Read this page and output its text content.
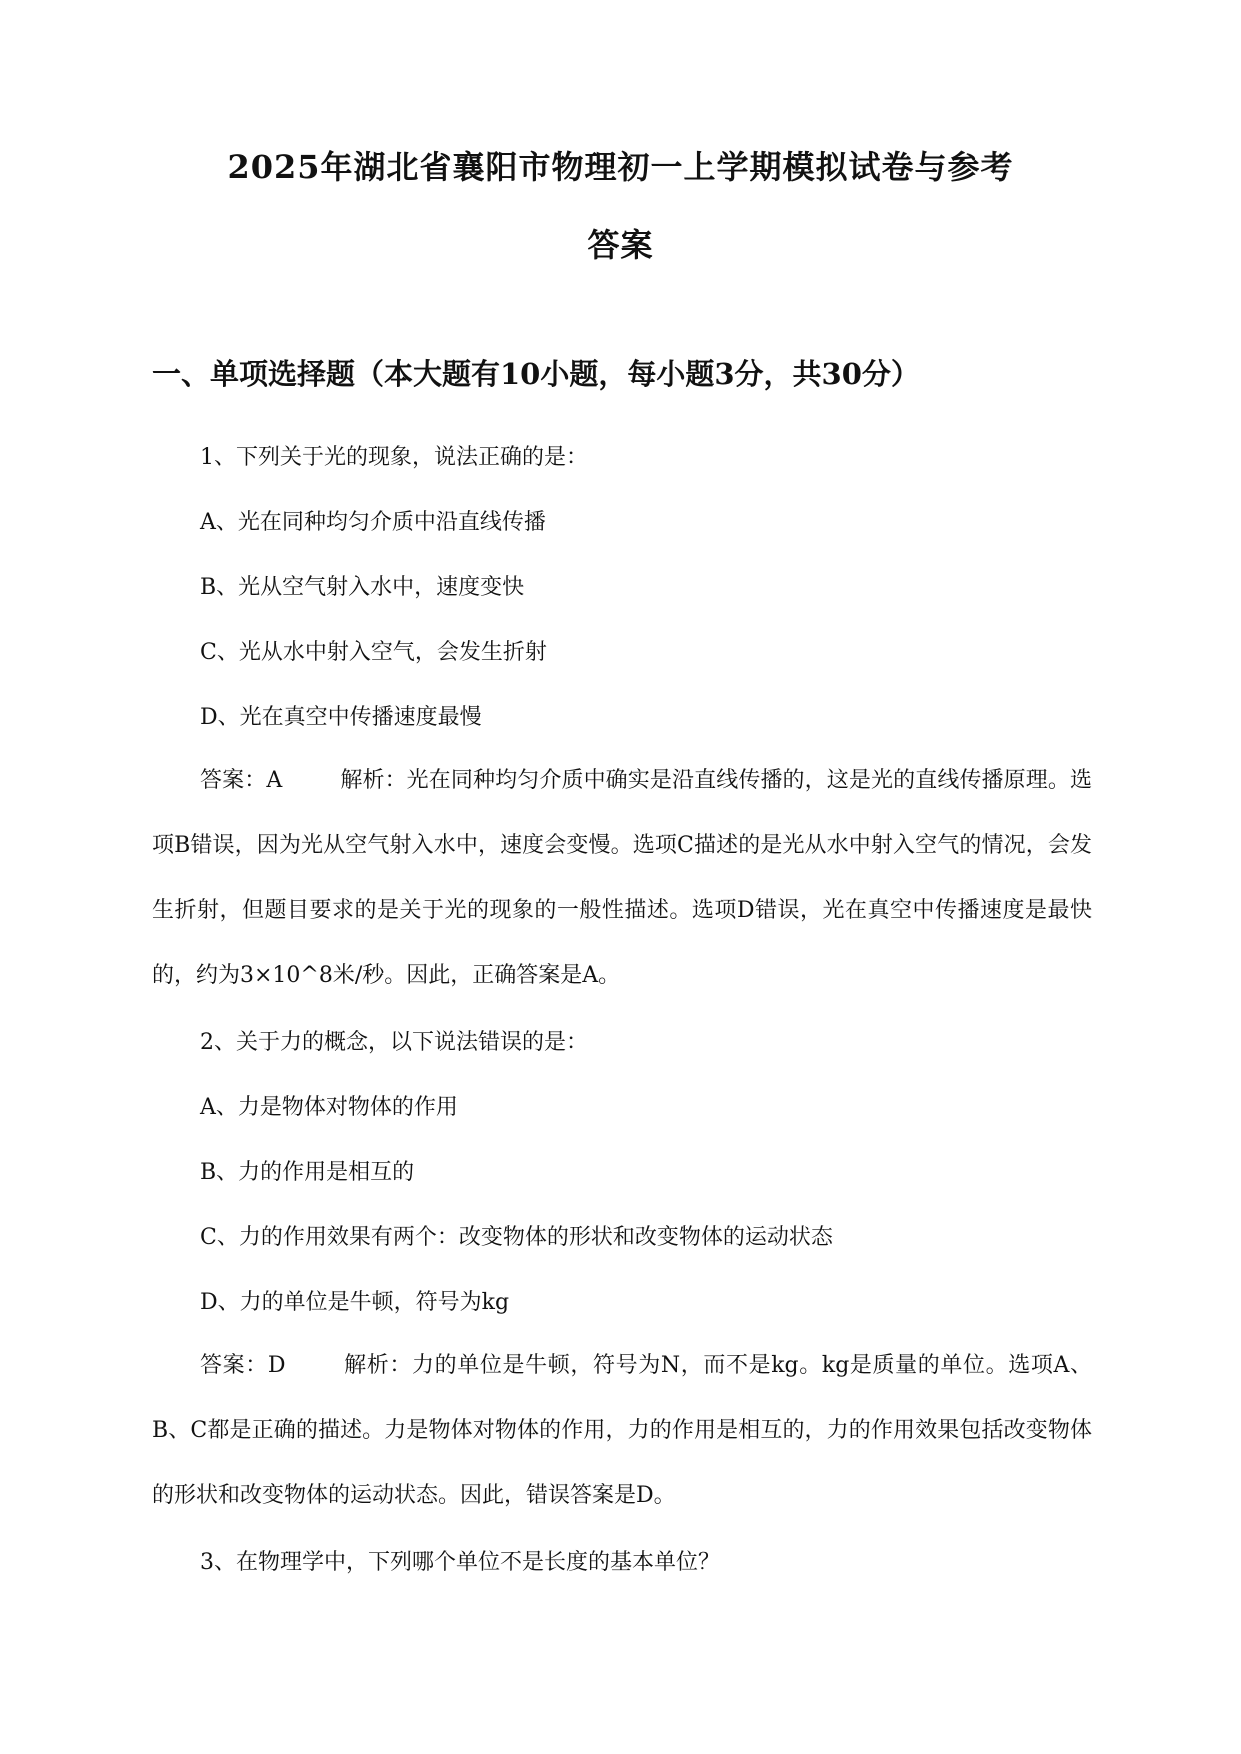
2025年湖北省襄阳市物理初一上学期模拟试卷与参考
答案
一、单项选择题（本大题有10小题，每小题3分，共30分）
1、下列关于光的现象，说法正确的是：
A、光在同种均匀介质中沿直线传播
B、光从空气射入水中，速度变快
C、光从水中射入空气，会发生折射
D、光在真空中传播速度最慢
答案：A	解析：光在同种均匀介质中确实是沿直线传播的，这是光的直线传播原理。选项B错误，因为光从空气射入水中，速度会变慢。选项C描述的是光从水中射入空气的情况，会发生折射，但题目要求的是关于光的现象的一般性描述。选项D错误，光在真空中传播速度是最快的，约为3×10^8米/秒。因此，正确答案是A。
2、关于力的概念，以下说法错误的是：
A、力是物体对物体的作用
B、力的作用是相互的
C、力的作用效果有两个：改变物体的形状和改变物体的运动状态
D、力的单位是牛顿，符号为kg
答案：D	解析：力的单位是牛顿，符号为N，而不是kg。kg是质量的单位。选项A、B、C都是正确的描述。力是物体对物体的作用，力的作用是相互的，力的作用效果包括改变物体的形状和改变物体的运动状态。因此，错误答案是D。
3、在物理学中，下列哪个单位不是长度的基本单位？
